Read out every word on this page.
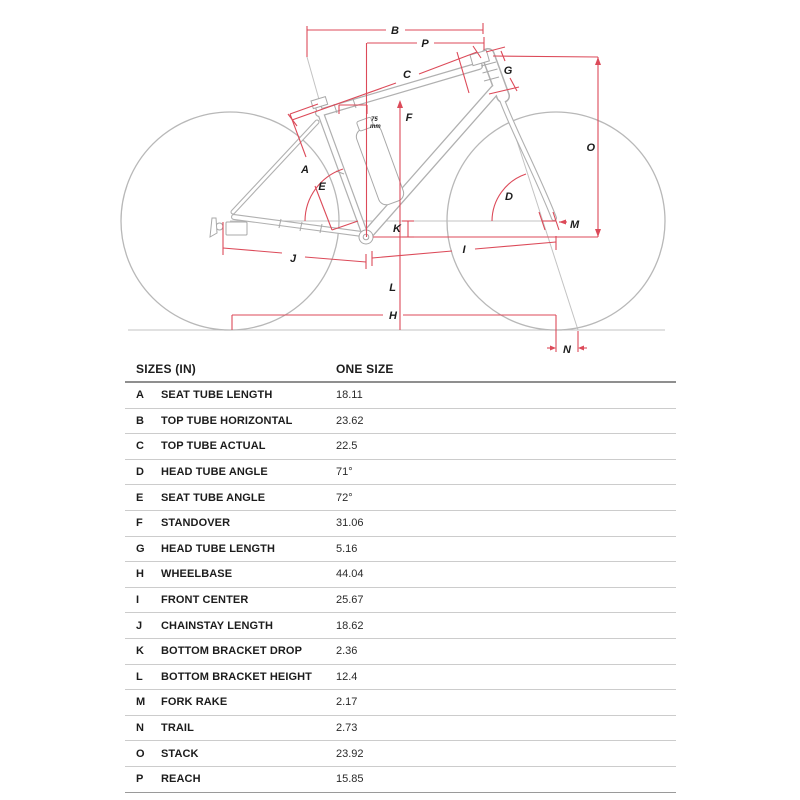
A
B
C
D
E
F
G
H
I
J
K
L
M
N
O
P
75
mm
SIZES (IN)	ONE SIZE
A	SEAT TUBE LENGTH	18.11
B	TOP TUBE HORIZONTAL	23.62
C	TOP TUBE ACTUAL	22.5
D	HEAD TUBE ANGLE	71°
E	SEAT TUBE ANGLE	72°
F	STANDOVER	31.06
G	HEAD TUBE LENGTH	5.16
H	WHEELBASE	44.04
I	FRONT CENTER	25.67
J	CHAINSTAY LENGTH	18.62
K	BOTTOM BRACKET DROP	2.36
L	BOTTOM BRACKET HEIGHT	12.4
M	FORK RAKE	2.17
N	TRAIL	2.73
O	STACK	23.92
P	REACH	15.85
